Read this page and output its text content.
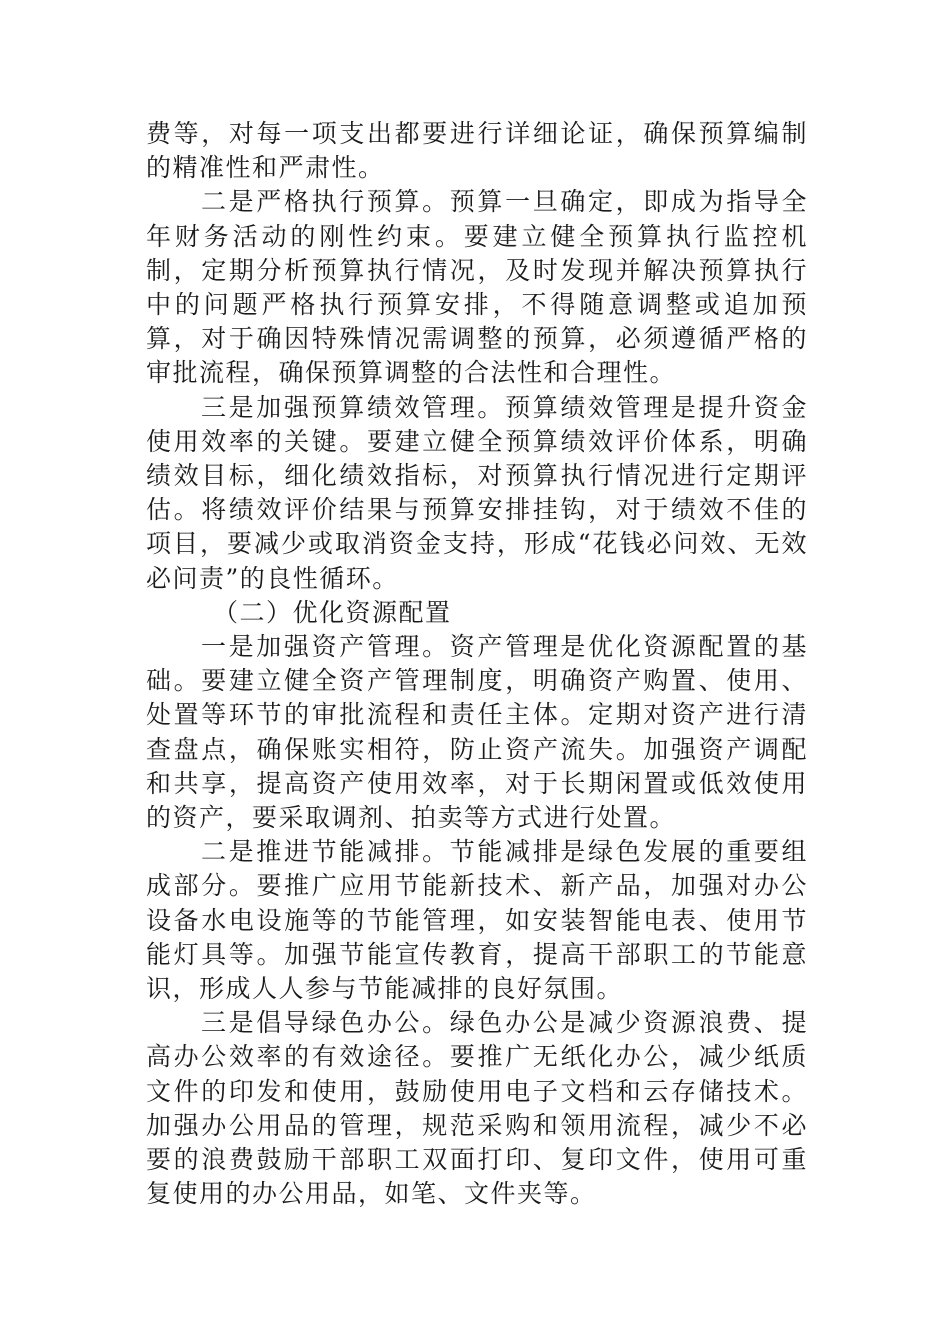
费等，对每一项支出都要进行详细论证，确保预算编制的精准性和严肃性。

二是严格执行预算。预算一旦确定，即成为指导全年财务活动的刚性约束。要建立健全预算执行监控机制，定期分析预算执行情况，及时发现并解决预算执行中的问题严格执行预算安排，不得随意调整或追加预算，对于确因特殊情况需调整的预算，必须遵循严格的审批流程，确保预算调整的合法性和合理性。

三是加强预算绩效管理。预算绩效管理是提升资金使用效率的关键。要建立健全预算绩效评价体系，明确绩效目标，细化绩效指标，对预算执行情况进行定期评估。将绩效评价结果与预算安排挂钩，对于绩效不佳的项目，要减少或取消资金支持，形成“花钱必问效、无效必问责”的良性循环。

（二）优化资源配置

一是加强资产管理。资产管理是优化资源配置的基础。要建立健全资产管理制度，明确资产购置、使用、处置等环节的审批流程和责任主体。定期对资产进行清查盘点，确保账实相符，防止资产流失。加强资产调配和共享，提高资产使用效率，对于长期闲置或低效使用的资产，要采取调剂、拍卖等方式进行处置。

二是推进节能减排。节能减排是绿色发展的重要组成部分。要推广应用节能新技术、新产品，加强对办公设备水电设施等的节能管理，如安装智能电表、使用节能灯具等。加强节能宣传教育，提高干部职工的节能意识，形成人人参与节能减排的良好氛围。

三是倡导绿色办公。绿色办公是减少资源浪费、提高办公效率的有效途径。要推广无纸化办公，减少纸质文件的印发和使用，鼓励使用电子文档和云存储技术。加强办公用品的管理，规范采购和领用流程，减少不必要的浪费鼓励干部职工双面打印、复印文件，使用可重复使用的办公用品，如笔、文件夹等。
